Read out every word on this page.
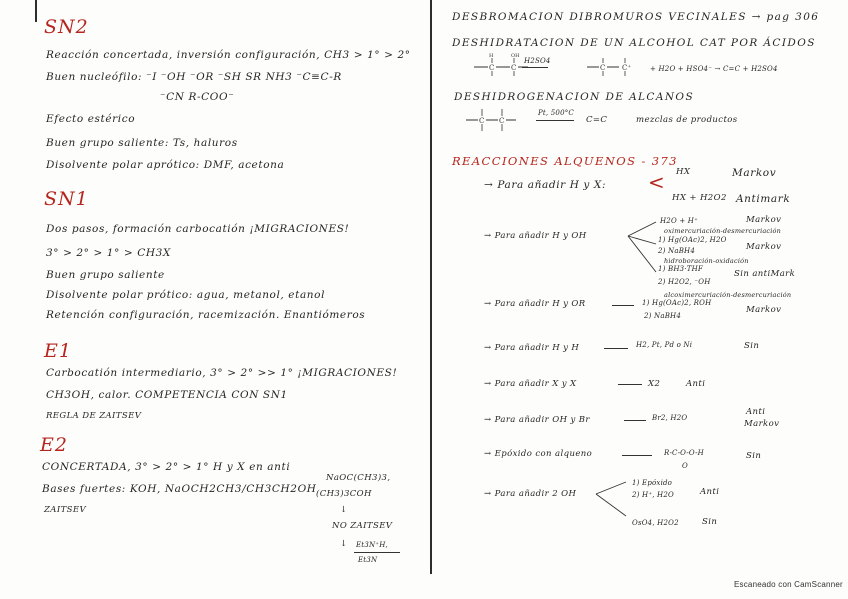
SN2
Reacción concertada, inversión configuración, CH3 > 1° > 2°
Buen nucleófilo: ⁻I ⁻OH ⁻OR ⁻SH SR NH3 ⁻C≡C-R
⁻CN R-COO⁻
Efecto estérico
Buen grupo saliente: Ts, haluros
Disolvente polar aprótico: DMF, acetona
SN1
Dos pasos, formación carbocatión ¡MIGRACIONES!
3° > 2° > 1° > CH3X
Buen grupo saliente
Disolvente polar prótico: agua, metanol, etanol
Retención configuración, racemización. Enantiómeros
E1
Carbocatión intermediario, 3° > 2° >> 1° ¡MIGRACIONES!
CH3OH, calor. COMPETENCIA CON SN1
REGLA DE ZAITSEV
E2
CONCERTADA, 3° > 2° > 1° H y X en anti
Bases fuertes: KOH, NaOCH2CH3/CH3CH2OH
ZAITSEV
NaOC(CH3)3,
(CH3)3COH
↓
NO ZAITSEV
↓ Et3N⁺H,
Et3N
DESBROMACION DIBROMUROS VECINALES → pag 306
DESHIDRATACION DE UN ALCOHOL CAT POR ÁCIDOS
C C
H	OH
H2SO4
C C⁺	+ H2O + HSO4⁻ → C=C + H2SO4
DESHIDROGENACION DE ALCANOS
C C
Pt, 500°C
C=C	mezclas de productos
REACCIONES ALQUENOS - 373
→ Para añadir H y X: < HX	Markov
HX + H2O2 Antimark
→ Para añadir H y OH
H2O + H⁺	Markov
oximercuriación-desmercuriación
1) Hg(OAc)2, H2O
2) NaBH4	Markov
hidroboración-oxidación
1) BH3·THF	Sin antiMark
2) H2O2, ⁻OH
alcoximercuriación-desmercuriación
→ Para añadir H y OR	1) Hg(OAc)2, ROH
2) NaBH4
Markov
→ Para añadir H y H	H2, Pt, Pd o Ni	Sin
→ Para añadir X y X	X2	Anti
→ Para añadir OH y Br	Br2, H2O
Anti
Markov
→ Epóxido con alqueno	R-C-O-O-H
O
Sin
→ Para añadir 2 OH
1) Epóxido
2) H⁺, H2O	Anti
OsO4, H2O2	Sin
Escaneado con CamScanner
